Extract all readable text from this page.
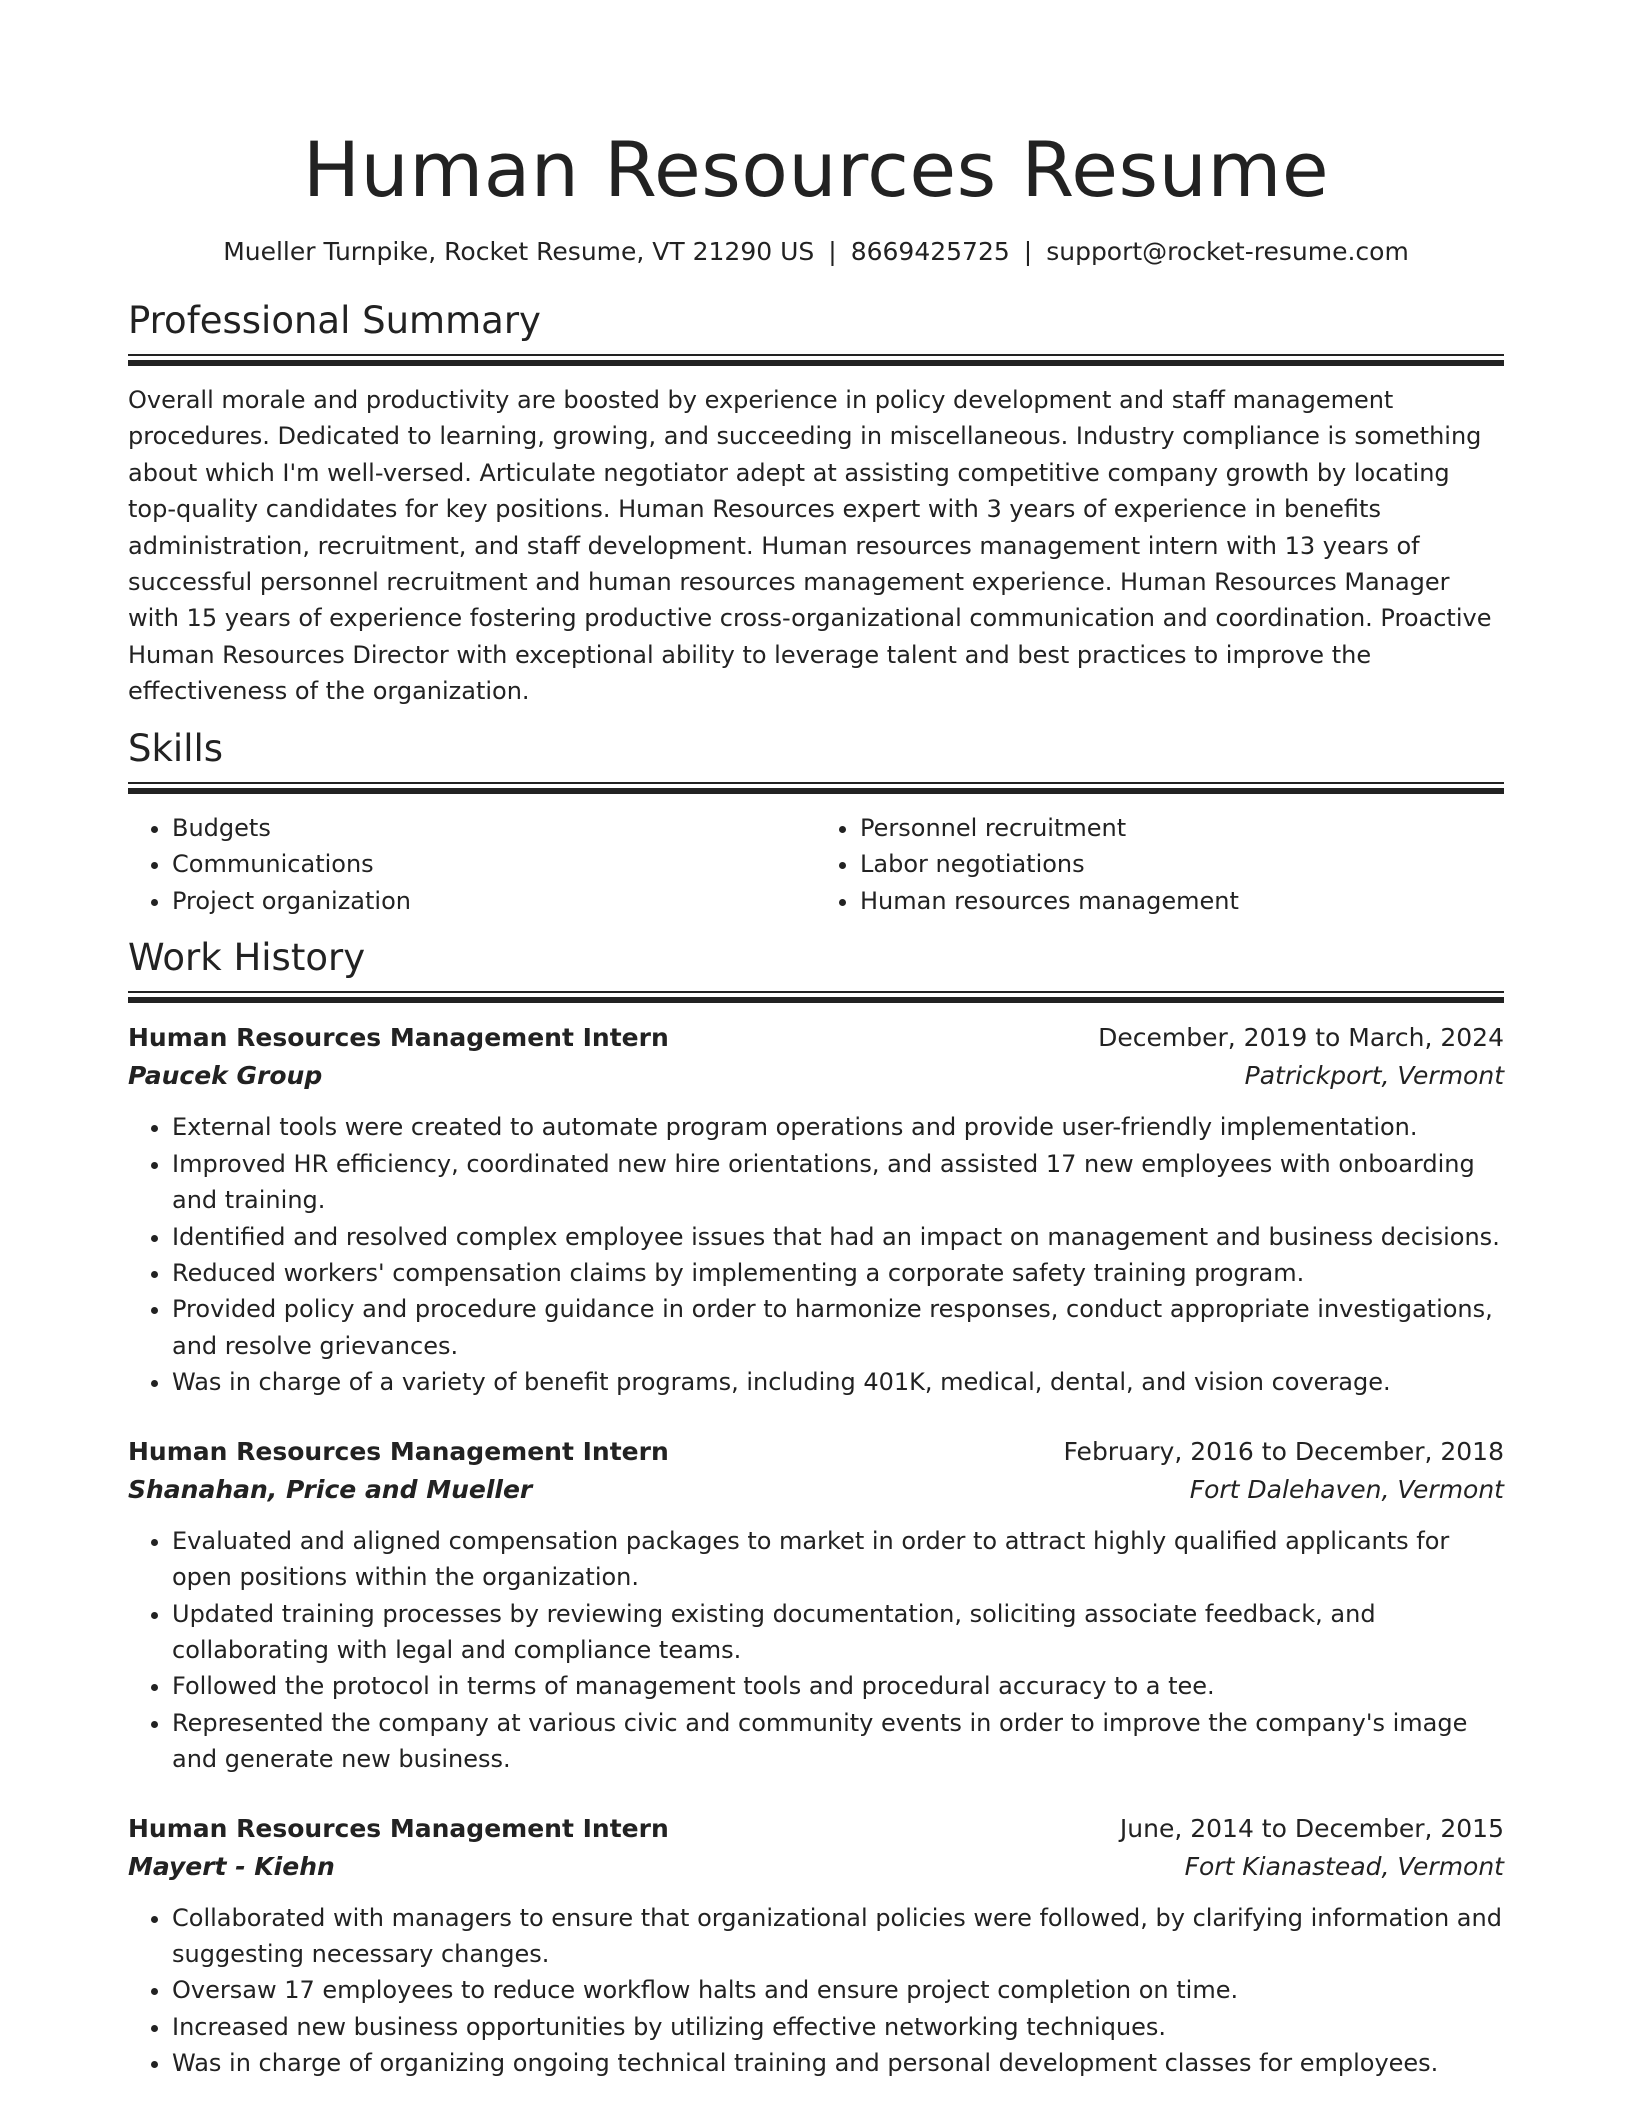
Human Resources Resume
Mueller Turnpike, Rocket Resume, VT 21290 US | 8669425725 | support@rocket-resume.com
Professional Summary
Overall morale and productivity are boosted by experience in policy development and staff management procedures. Dedicated to learning, growing, and succeeding in miscellaneous. Industry compliance is something about which I'm well-versed. Articulate negotiator adept at assisting competitive company growth by locating top-quality candidates for key positions. Human Resources expert with 3 years of experience in benefits administration, recruitment, and staff development. Human resources management intern with 13 years of successful personnel recruitment and human resources management experience. Human Resources Manager with 15 years of experience fostering productive cross-organizational communication and coordination. Proactive Human Resources Director with exceptional ability to leverage talent and best practices to improve the effectiveness of the organization.
Skills
• Budgets
• Communications
• Project organization
• Personnel recruitment
• Labor negotiations
• Human resources management
Work History
Human Resources Management Intern	December, 2019 to March, 2024
Paucek Group	Patrickport, Vermont
• External tools were created to automate program operations and provide user-friendly implementation.
• Improved HR efficiency, coordinated new hire orientations, and assisted 17 new employees with onboarding and training.
• Identified and resolved complex employee issues that had an impact on management and business decisions.
• Reduced workers' compensation claims by implementing a corporate safety training program.
• Provided policy and procedure guidance in order to harmonize responses, conduct appropriate investigations, and resolve grievances.
• Was in charge of a variety of benefit programs, including 401K, medical, dental, and vision coverage.
Human Resources Management Intern	February, 2016 to December, 2018
Shanahan, Price and Mueller	Fort Dalehaven, Vermont
• Evaluated and aligned compensation packages to market in order to attract highly qualified applicants for open positions within the organization.
• Updated training processes by reviewing existing documentation, soliciting associate feedback, and collaborating with legal and compliance teams.
• Followed the protocol in terms of management tools and procedural accuracy to a tee.
• Represented the company at various civic and community events in order to improve the company's image and generate new business.
Human Resources Management Intern	June, 2014 to December, 2015
Mayert - Kiehn	Fort Kianastead, Vermont
• Collaborated with managers to ensure that organizational policies were followed, by clarifying information and suggesting necessary changes.
• Oversaw 17 employees to reduce workflow halts and ensure project completion on time.
• Increased new business opportunities by utilizing effective networking techniques.
• Was in charge of organizing ongoing technical training and personal development classes for employees.
